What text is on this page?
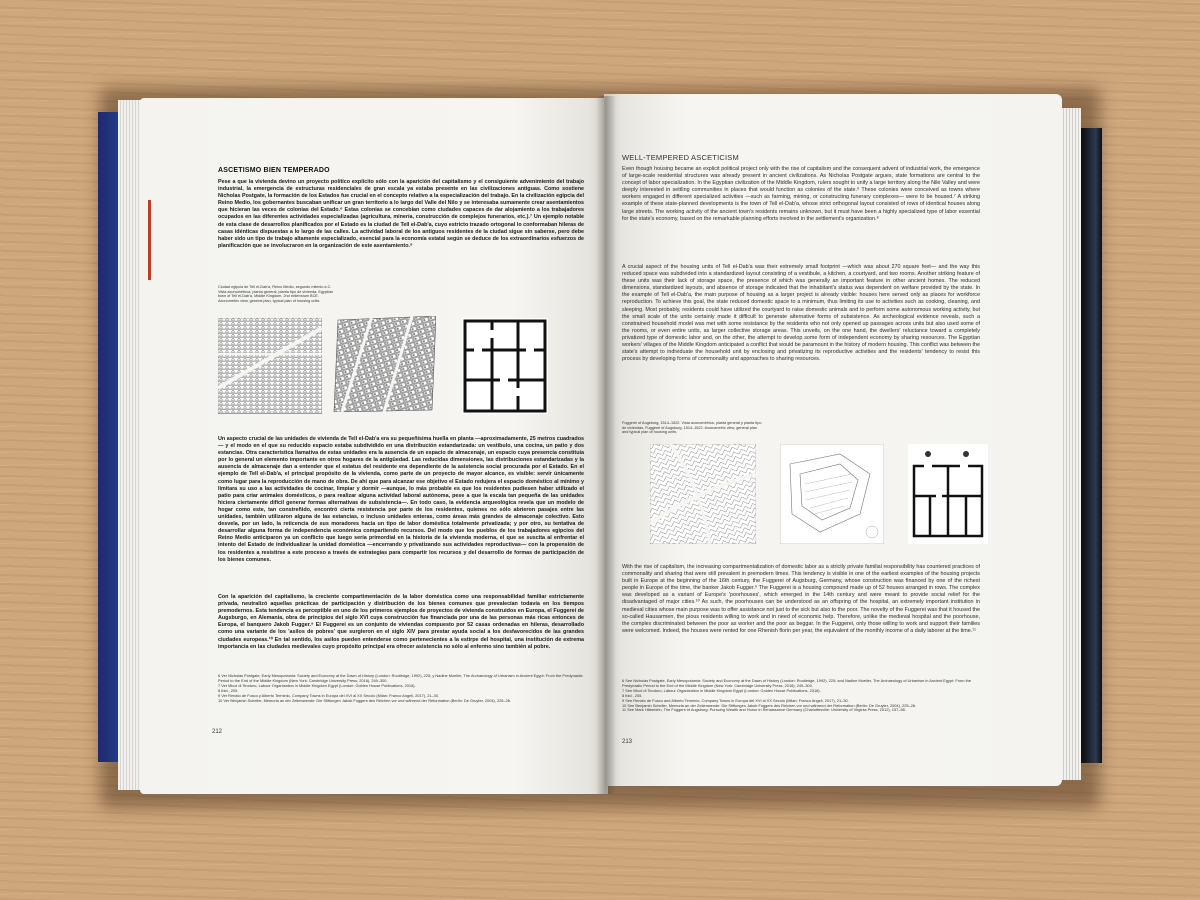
ASCETISMO BIEN TEMPERADO

Pese a que la vivienda devino un proyecto político explícito sólo con la aparición del capitalismo y el consiguiente advenimiento del trabajo industrial, la emergencia de estructuras residenciales de gran escala ya estaba presente en las civilizaciones antiguas. Como sostiene Nicholas Postgate, la formación de los Estados fue crucial en el concepto relativo a la especialización del trabajo. En la civilización egipcia del Reino Medio, los gobernantes buscaban unificar un gran territorio a lo largo del Valle del Nilo y se interesaba sumamente crear asentamientos que hicieran las veces de colonias del Estado.⁶ Estas colonias se concebían como ciudades capaces de dar alojamiento a los trabajadores ocupados en las diferentes actividades especializadas (agricultura, minería, construcción de complejos funerarios, etc.).⁷ Un ejemplo notable de esta clase de desarrollos planificados por el Estado es la ciudad de Tell el-Dab'a, cuyo estricto trazado ortogonal lo conformaban hileras de casas idénticas dispuestas a lo largo de las calles. La actividad laboral de los antiguos residentes de la ciudad sigue sin saberse, pero debe haber sido un tipo de trabajo altamente especializado, esencial para la economía estatal según se deduce de los extraordinarios esfuerzos de planificación que se involucraron en la organización de este asentamiento.⁸

Ciudad egipcia de Tell el-Dab'a, Reino Medio, segundo milenio a.C. Vista axonométrica, planta general, planta tipo de vivienda. Egyptian town of Tell el-Dab'a, Middle Kingdom, 2nd millennium BCE. Axonometric view, general plan, typical plan of housing units.

Un aspecto crucial de las unidades de vivienda de Tell el-Dab'a era su pequeñísima huella en planta —aproximadamente, 25 metros cuadrados— y el modo en el que su reducido espacio estaba subdividido en una distribución estandarizada: un vestíbulo, una cocina, un patio y dos estancias. Otra característica llamativa de estas unidades era la ausencia de un espacio de almacenaje, un espacio cuya presencia constituía por lo general un elemento importante en otros hogares de la antigüedad. Las reducidas dimensiones, las distribuciones estandarizadas y la ausencia de almacenaje dan a entender que el estatus del residente era dependiente de la asistencia social procurada por el Estado. En el ejemplo de Tell el-Dab'a, el principal propósito de la vivienda, como parte de un proyecto de mayor alcance, es visible: servir únicamente como lugar para la reproducción de mano de obra. De ahí que para alcanzar ese objetivo el Estado redujera el espacio doméstico al mínimo y limitara su uso a las actividades de cocinar, limpiar y dormir —aunque, lo más probable es que los residentes pudiesen haber utilizado el patio para criar animales domésticos, o para realizar alguna actividad laboral autónoma, pese a que la escala tan pequeña de las unidades hiciera ciertamente difícil generar formas alternativas de subsistencia—. En todo caso, la evidencia arqueológica revela que un modelo de hogar como este, tan constreñido, encontró cierta resistencia por parte de los residentes, quienes no sólo abrieron pasajes entre las unidades, también utilizaron alguna de las estancias, o incluso unidades enteras, como áreas más grandes de almacenaje colectivo. Esto desvela, por un lado, la reticencia de sus moradores hacia un tipo de labor doméstica totalmente privatizada; y por otro, su tentativa de desarrollar alguna forma de independencia económica compartiendo recursos. Del modo que los pueblos de los trabajadores egipcios del Reino Medio anticiparon ya un conflicto que luego sería primordial en la historia de la vivienda moderna, el que se suscita al enfrentar el intento del Estado de individualizar la unidad doméstica —encerrando y privatizando sus actividades reproductivas— con la propensión de los residentes a resistirse a este proceso a través de estrategias para compartir los recursos y del desarrollo de formas de participación de los bienes comunes.

Con la aparición del capitalismo, la creciente compartimentación de la labor doméstica como una responsabilidad familiar estrictamente privada, neutralizó aquellas prácticas de participación y distribución de los bienes comunes que prevalecían todavía en los tiempos premodernos. Esta tendencia es perceptible en uno de los primeros ejemplos de proyectos de vivienda construidos en Europa, el Fuggerei de Augsburgo, en Alemania, obra de principios del siglo XVI cuya construcción fue financiada por una de las personas más ricas entonces de Europa, el banquero Jakob Fugger.⁹ El Fuggerei es un conjunto de viviendas compuesto por 52 casas ordenadas en hileras, desarrollado como una variante de los 'asilos de pobres' que surgieron en el siglo XIV para prestar ayuda social a los desfavorecidos de las grandes ciudades europeas.¹⁰ En tal sentido, los asilos pueden entenderse como pertenecientes a la estirpe del hospital, una institución de extrema importancia en las ciudades medievales cuyo propósito principal era ofrecer asistencia no sólo al enfermo sino también al pobre.

6 Ver Nicholas Postgate, Early Mesopotamia: Society and Economy at the Dawn of History (London: Routledge, 1992), 225; y Nadine Moeller, The Archaeology of Urbanism in Ancient Egypt: From the Predynastic Period to the End of the Middle Kingdom (New York: Cambridge University Press, 2016), 249–300.

7 Ver Micol di Teodoro, Labour Organization in Middle Kingdom Egypt (London: Golden House Publications, 2018).

8 Ibid., 205.

9 Ver Renato de Fusco y Alberto Terminio, Company Towns in Europa del XVI al XX Secolo (Milan: Franco Angeli, 2017), 21–30.

10 Ver Benjamin Scheller, Memoria an der Zeitenwende: Die Stiftungen Jakob Fuggers des Reichen vor und während der Reformation (Berlin: De Gruyter, 2004), 225–26.

212
WELL-TEMPERED ASCETICISM

Even though housing became an explicit political project only with the rise of capitalism and the consequent advent of industrial work, the emergence of large-scale residential structures was already present in ancient civilizations. As Nicholas Postgate argues, state formations are central to the concept of labor specialization. In the Egyptian civilization of the Middle Kingdom, rulers sought to unify a large territory along the Nile Valley and were deeply interested in settling communities in places that would function as colonies of the state.⁶ These colonies were conceived as towns where workers engaged in different specialized activities —such as farming, mining, or constructing funerary complexes— were to be housed.⁷ A striking example of these state-planned developments is the town of Tell el-Dab'a, whose strict orthogonal layout consisted of rows of identical houses along large streets. The working activity of the ancient town's residents remains unknown, but it must have been a highly specialized type of labor essential for the state's economy, based on the remarkable planning efforts involved in the settlement's organization.⁸

A crucial aspect of the housing units of Tell el-Dab'a was their extremely small footprint —which was about 270 square feet— and the way this reduced space was subdivided into a standardized layout consisting of a vestibule, a kitchen, a courtyard, and two rooms. Another striking feature of these units was their lack of storage space, the presence of which was generally an important feature in other ancient homes. The reduced dimensions, standardized layouts, and absence of storage indicated that the inhabitant's status was dependent on welfare provided by the state. In the example of Tell el-Dab'a, the main purpose of housing as a larger project is already visible: houses here served only as places for workforce reproduction. To achieve this goal, the state reduced domestic space to a minimum, thus limiting its use to activities such as cooking, cleaning, and sleeping. Most probably, residents could have utilized the courtyard to raise domestic animals and to perform some autonomous working activity, but the small scale of the units certainly made it difficult to generate alternative forms of subsistence. As archeological evidence reveals, such a constrained household model was met with some resistance by the residents who not only opened up passages across units but also used some of the rooms, or even entire units, as larger collective storage areas. This unveils, on the one hand, the dwellers' reluctance toward a completely privatized type of domestic labor and, on the other, the attempt to develop some form of independent economy by sharing resources. The Egyptian workers' villages of the Middle Kingdom anticipated a conflict that would be paramount in the history of modern housing. This conflict was between the state's attempt to individuate the household unit by enclosing and privatizing its reproductive activities and the residents' tendency to resist this process by developing forms of commonality and approaches to sharing resources.

Fuggerei of Augsburg, 1514–1522. Vista axonométrica, planta general y planta tipo de viviendas. Fuggerei of Augsburg, 1514–1522. Axonometric view, general plan and typical plan of housing units.

With the rise of capitalism, the increasing compartmentalization of domestic labor as a strictly private familial responsibility has countered practices of commonality and sharing that were still prevalent in premodern times. This tendency is visible in one of the earliest examples of the housing projects built in Europe at the beginning of the 16th century, the Fuggerei of Augsburg, Germany, whose construction was financed by one of the richest people in Europe of the time, the banker Jakob Fugger.⁹ The Fuggerei is a housing compound made up of 52 houses arranged in rows. The complex was developed as a variant of Europe's 'poorhouses', which emerged in the 14th century and were meant to provide social relief for the disadvantaged of major cities.¹⁰ As such, the poorhouses can be understood as an offspring of the hospital, an extremely important institution in medieval cities whose main purpose was to offer assistance not just to the sick but also to the poor. The novelty of the Fuggerei was that it housed the so-called Hausarmen, the pious residents willing to work and in need of economic help. Therefore, unlike the medieval hospital and the poorhouse, the complex discriminated between the poor as worker and the poor as beggar. In the Fuggerei, only those willing to work and support their families were welcomed. Indeed, the houses were rented for one Rhenish florin per year, the equivalent of the monthly income of a daily laborer at the time.¹¹

6 See Nicholas Postgate, Early Mesopotamia: Society and Economy at the Dawn of History (London: Routledge, 1992), 225; and Nadine Moeller, The Archaeology of Urbanism in Ancient Egypt: From the Predynastic Period to the End of the Middle Kingdom (New York: Cambridge University Press, 2016), 249–300.

7 See Micol di Teodoro, Labour Organization in Middle Kingdom Egypt (London: Golden House Publications, 2018).

8 Ibid., 205.

9 See Renato de Fusco and Alberto Terminio, Company Towns in Europa del XVI al XX Secolo (Milan: Franco Angeli, 2017), 21–30.

10 See Benjamin Scheller, Memoria an der Zeitenwende: Die Stiftungen Jakob Fuggers des Reichen vor und während der Reformation (Berlin: De Gruyter, 2004), 225–26.

11 See Mark Häberlein, The Fuggers of Augsburg: Pursuing Wealth and Honor in Renaissance Germany (Charlottesville: University of Virginia Press, 2012), 157–58.

213
